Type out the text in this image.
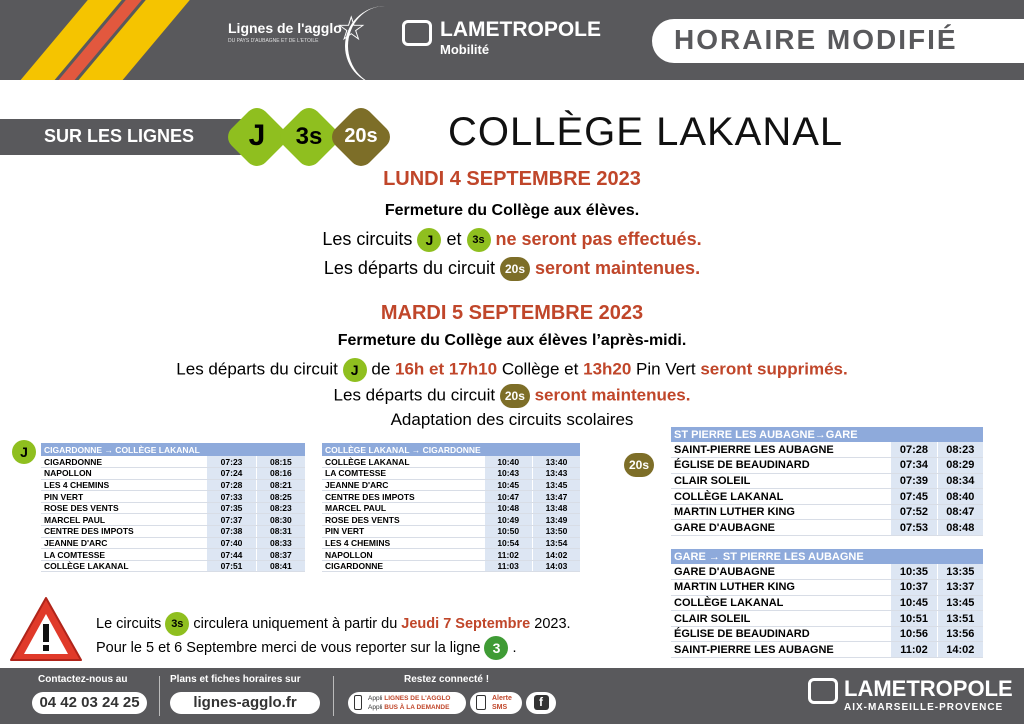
Lignes de l'agglo
DU PAYS D'AUBAGNE ET DE L'ETOILE ☆	LAMETROPOLE
Mobilité	HORAIRE MODIFIÉ
SUR LES LIGNES	J	3s	20s COLLÈGE LAKANAL
LUNDI 4 SEPTEMBRE 2023
Fermeture du Collège aux élèves.
Les circuits J et 3s ne seront pas effectués.
Les départs du circuit 20s seront maintenues.
MARDI 5 SEPTEMBRE 2023
Fermeture du Collège aux élèves l’après-midi.
Les départs du circuit J de 16h et 17h10 Collège et 13h20 Pin Vert seront supprimés.
Les départs du circuit 20s seront maintenues.
Adaptation des circuits scolaires
J	CIGARDONNE → COLLÈGE LAKANAL		
CIGARDONNE	07:23	08:15
NAPOLLON	07:24	08:16
LES 4 CHEMINS	07:28	08:21
PIN VERT	07:33	08:25
ROSE DES VENTS	07:35	08:23
MARCEL PAUL	07:37	08:30
CENTRE DES IMPOTS	07:38	08:31
JEANNE D'ARC	07:40	08:33
LA COMTESSE	07:44	08:37
COLLÈGE LAKANAL	07:51	08:41
COLLÈGE LAKANAL → CIGARDONNE		
COLLÈGE LAKANAL	10:40	13:40
LA COMTESSE	10:43	13:43
JEANNE D'ARC	10:45	13:45
CENTRE DES IMPOTS	10:47	13:47
MARCEL PAUL	10:48	13:48
ROSE DES VENTS	10:49	13:49
PIN VERT	10:50	13:50
LES 4 CHEMINS	10:54	13:54
NAPOLLON	11:02	14:02
CIGARDONNE	11:03	14:03
20s
ST PIERRE LES AUBAGNE→GARE		
SAINT-PIERRE LES AUBAGNE	07:28	08:23
ÉGLISE DE BEAUDINARD	07:34	08:29
CLAIR SOLEIL	07:39	08:34
COLLÈGE LAKANAL	07:45	08:40
MARTIN LUTHER KING	07:52	08:47
GARE D'AUBAGNE	07:53	08:48
GARE → ST PIERRE LES AUBAGNE		
GARE D'AUBAGNE	10:35	13:35
MARTIN LUTHER KING	10:37	13:37
COLLÈGE LAKANAL	10:45	13:45
CLAIR SOLEIL	10:51	13:51
ÉGLISE DE BEAUDINARD	10:56	13:56
SAINT-PIERRE LES AUBAGNE	11:02	14:02
Le circuits 3s circulera uniquement à partir du Jeudi 7 Septembre 2023.
Pour le 5 et 6 Septembre merci de vous reporter sur la ligne 3 .
Contactez-nous au
04 42 03 24 25
Plans et fiches horaires sur
lignes-agglo.fr
Restez connecté !
Appli LIGNES DE L'AGGLO
Appli BUS À LA DEMANDE
Alerte
SMS	f
LAMETROPOLE
AIX-MARSEILLE-PROVENCE
